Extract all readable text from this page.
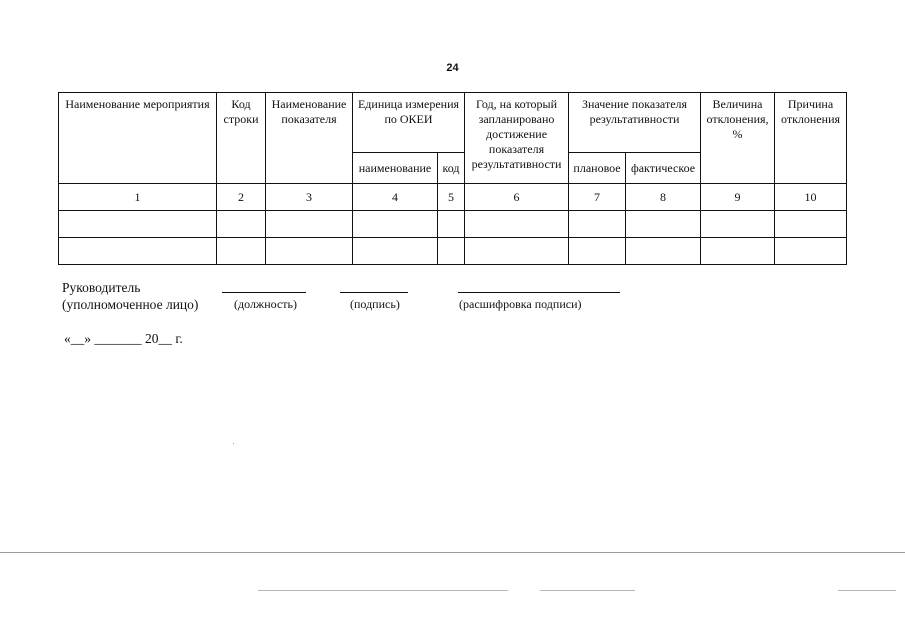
24
Наименование мероприятия	Код строки	Наименование показателя	Единица измерения по ОКЕИ		Год, на который запланировано достижение показателя результативности	Значение показателя результативности		Величина отклонения, %	Причина отклонения
			наименование	код		плановое	фактическое		
1	2	3	4	5	6	7	8	9	10

Руководитель
(уполномоченное лицо)	(должность)	(подпись)	(расшифровка подписи)
«__» _______ 20__ г.
